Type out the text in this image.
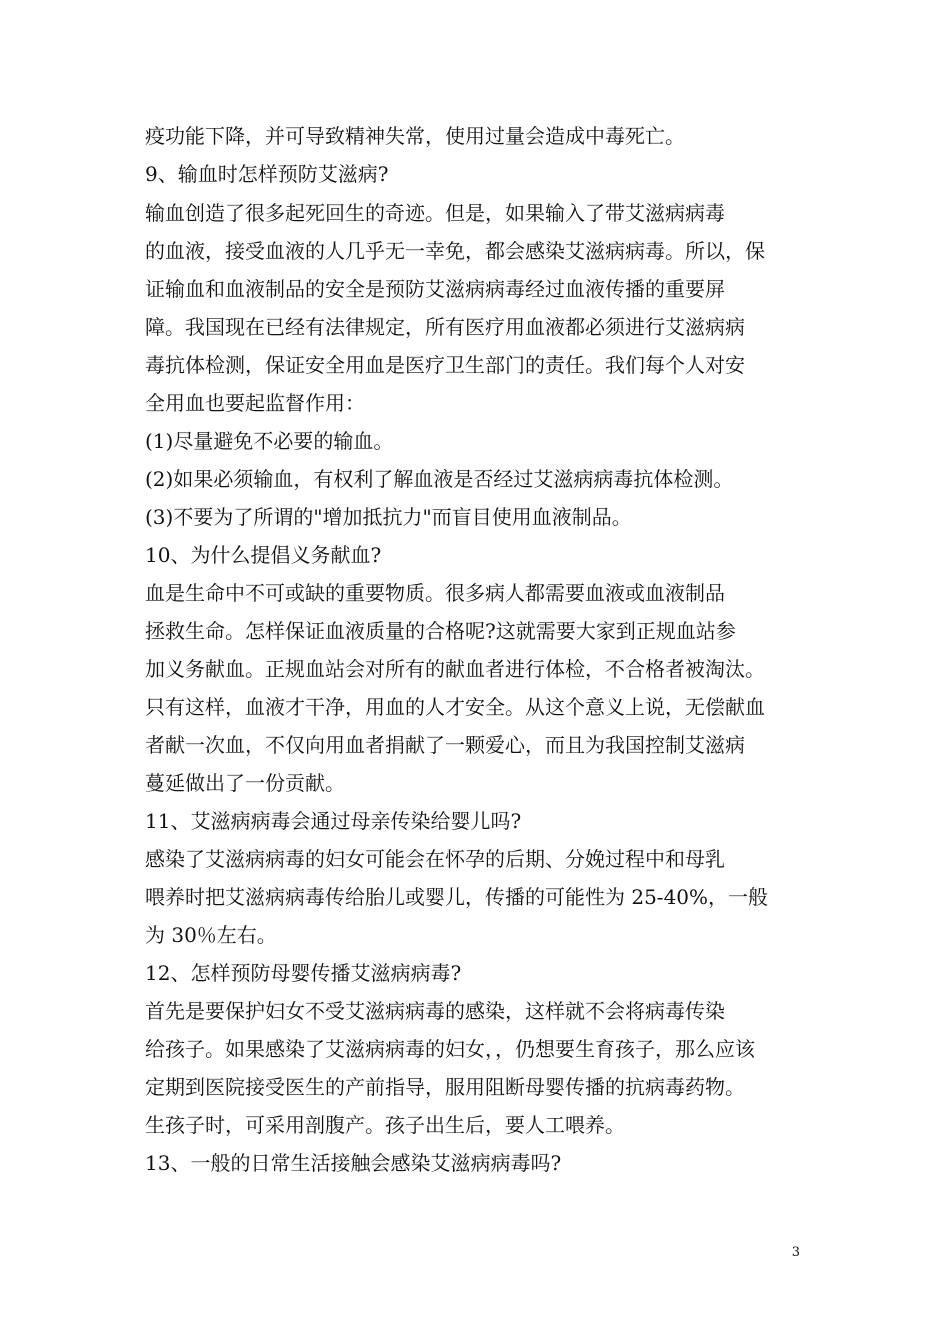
疫功能下降，并可导致精神失常，使用过量会造成中毒死亡。
9、输血时怎样预防艾滋病?
输血创造了很多起死回生的奇迹。但是，如果输入了带艾滋病病毒
的血液，接受血液的人几乎无一幸免，都会感染艾滋病病毒。所以，保
证输血和血液制品的安全是预防艾滋病病毒经过血液传播的重要屏
障。我国现在已经有法律规定，所有医疗用血液都必须进行艾滋病病
毒抗体检测，保证安全用血是医疗卫生部门的责任。我们每个人对安
全用血也要起监督作用：
(1)尽量避免不必要的输血。
(2)如果必须输血，有权利了解血液是否经过艾滋病病毒抗体检测。
(3)不要为了所谓的"增加抵抗力"而盲目使用血液制品。
10、为什么提倡义务献血?
血是生命中不可或缺的重要物质。很多病人都需要血液或血液制品
拯救生命。怎样保证血液质量的合格呢?这就需要大家到正规血站参
加义务献血。正规血站会对所有的献血者进行体检，不合格者被淘汰。
只有这样，血液才干净，用血的人才安全。从这个意义上说，无偿献血
者献一次血，不仅向用血者捐献了一颗爱心，而且为我国控制艾滋病
蔓延做出了一份贡献。
11、艾滋病病毒会通过母亲传染给婴儿吗?
感染了艾滋病病毒的妇女可能会在怀孕的后期、分娩过程中和母乳
喂养时把艾滋病病毒传给胎儿或婴儿，传播的可能性为 25-40%，一般
为 30％左右。
12、怎样预防母婴传播艾滋病病毒?
首先是要保护妇女不受艾滋病病毒的感染，这样就不会将病毒传染
给孩子。如果感染了艾滋病病毒的妇女，，仍想要生育孩子，那么应该
定期到医院接受医生的产前指导，服用阻断母婴传播的抗病毒药物。
生孩子时，可采用剖腹产。孩子出生后，要人工喂养。
13、一般的日常生活接触会感染艾滋病病毒吗?
3
